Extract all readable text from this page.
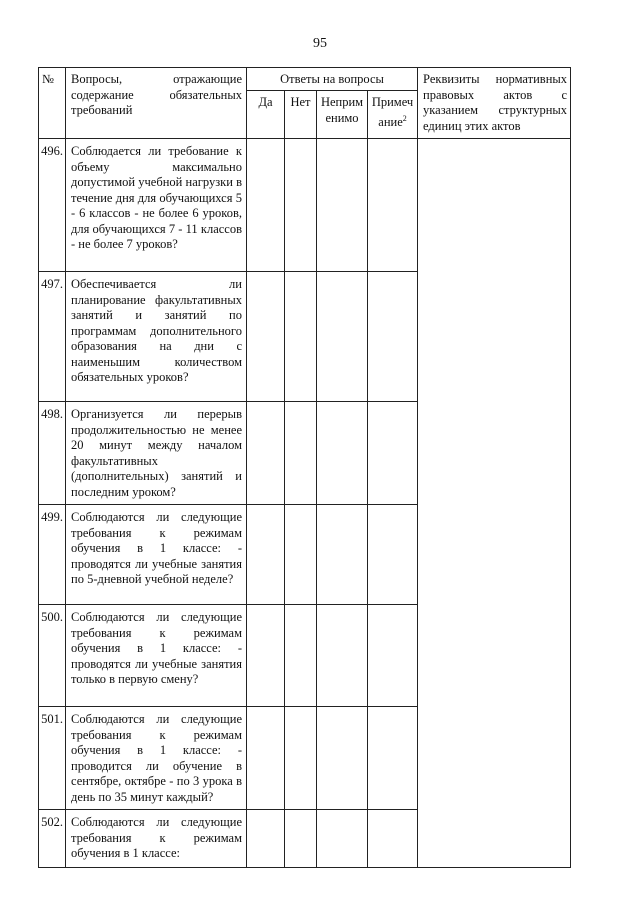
95
№	Вопросы, отражающие содержание обязательных требований	Ответы на вопросы				Реквизиты нормативных правовых актов с указанием структурных единиц этих актов
		Да	Нет	Неприм енимо	Примеч ание$^2$
496.	Соблюдается ли требование к объему максимально допустимой учебной нагрузки в течение дня для обучающихся 5 - 6 классов - не более 6 уроков, для обучающихся 7 - 11 классов - не более 7 уроков?					
497.	Обеспечивается ли планирование факультативных занятий и занятий по программам дополнительного образования на дни с наименьшим количеством обязательных уроков?					
498.	Организуется ли перерыв продолжительностью не менее 20 минут между началом факультативных (дополнительных) занятий и последним уроком?					
499.	Соблюдаются ли следующие требования к режимам обучения в 1 классе: - проводятся ли учебные занятия по 5-дневной учебной неделе?					
500.	Соблюдаются ли следующие требования к режимам обучения в 1 классе: - проводятся ли учебные занятия только в первую смену?					
501.	Соблюдаются ли следующие требования к режимам обучения в 1 классе: - проводится ли обучение в сентябре, октябре - по 3 урока в день по 35 минут каждый?					
502.	Соблюдаются ли следующие требования к режимам обучения в 1 классе:					
